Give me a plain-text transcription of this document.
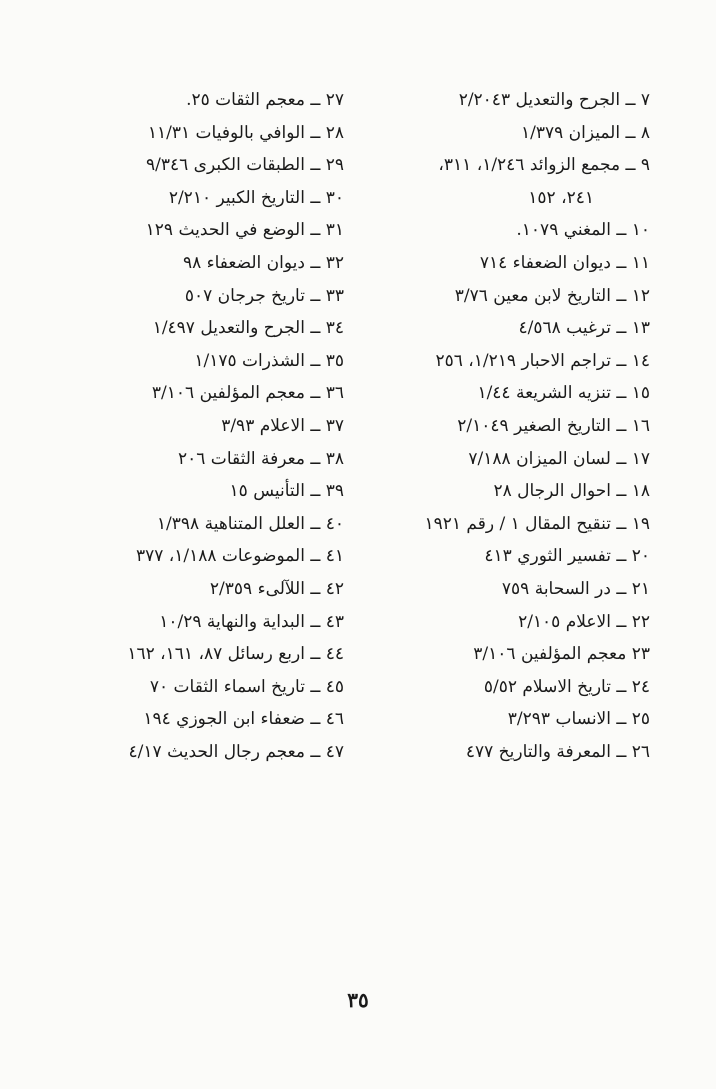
٧ ــ الجرح والتعديل ٢/٢٠٤٣
٨ ــ الميزان ١/٣٧٩
٩ ــ مجمع الزوائد ١/٢٤٦، ٣١١،
٢٤١، ١٥٢
١٠ ــ المغني ١٠٧٩.
١١ ــ ديوان الضعفاء ٧١٤
١٢ ــ التاريخ لابن معين ٣/٧٦
١٣ ــ ترغيب ٤/٥٦٨
١٤ ــ تراجم الاحبار ١/٢١٩، ٢٥٦
١٥ ــ تنزيه الشريعة ١/٤٤
١٦ ــ التاريخ الصغير ٢/١٠٤٩
١٧ ــ لسان الميزان ٧/١٨٨
١٨ ــ احوال الرجال ٢٨
١٩ ــ تنقيح المقال ١ / رقم ١٩٢١
٢٠ ــ تفسير الثوري ٤١٣
٢١ ــ در السحابة ٧٥٩
٢٢ ــ الاعلام ٢/١٠٥
٢٣ معجم المؤلفين ٣/١٠٦
٢٤ ــ تاريخ الاسلام ٥/٥٢
٢٥ ــ الانساب ٣/٢٩٣
٢٦ ــ المعرفة والتاريخ ٤٧٧
٢٧ ــ معجم الثقات ٢٥.
٢٨ ــ الوافي بالوفيات ١١/٣١
٢٩ ــ الطبقات الكبرى ٩/٣٤٦
٣٠ ــ التاريخ الكبير ٢/٢١٠
٣١ ــ الوضع في الحديث ١٢٩
٣٢ ــ ديوان الضعفاء ٩٨
٣٣ ــ تاريخ جرجان ٥٠٧
٣٤ ــ الجرح والتعديل ١/٤٩٧
٣٥ ــ الشذرات ١/١٧٥
٣٦ ــ معجم المؤلفين ٣/١٠٦
٣٧ ــ الاعلام ٣/٩٣
٣٨ ــ معرفة الثقات ٢٠٦
٣٩ ــ التأنيس ١٥
٤٠ ــ العلل المتناهية ١/٣٩٨
٤١ ــ الموضوعات ١/١٨٨، ٣٧٧
٤٢ ــ اللآلىء ٢/٣٥٩
٤٣ ــ البداية والنهاية ١٠/٢٩
٤٤ ــ اربع رسائل ٨٧، ١٦١، ١٦٢
٤٥ ــ تاريخ اسماء الثقات ٧٠
٤٦ ــ ضعفاء ابن الجوزي ١٩٤
٤٧ ــ معجم رجال الحديث ٤/١٧
٣٥
